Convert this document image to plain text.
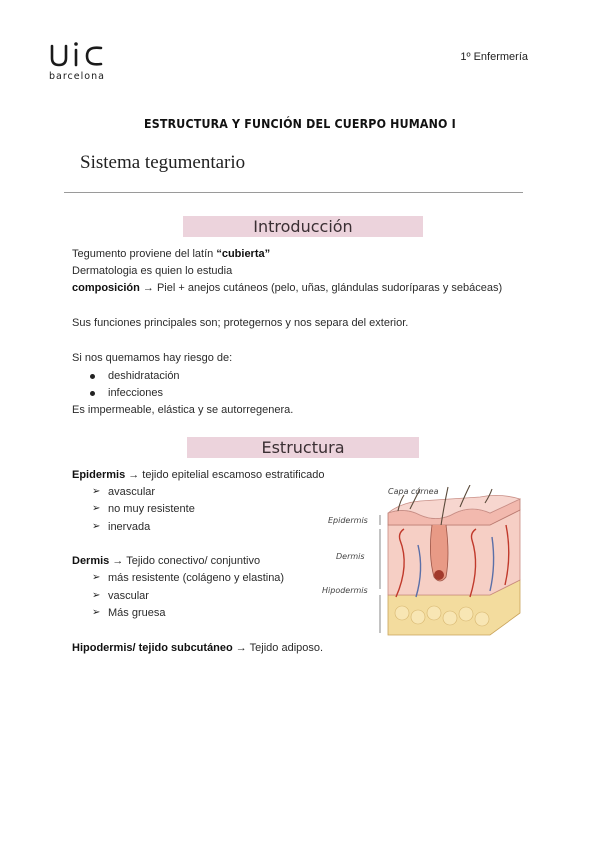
barcelona
1º Enfermería
ESTRUCTURA Y FUNCIÓN DEL CUERPO HUMANO I
Sistema tegumentario
Introducción
Tegumento proviene del latín “cubierta”
Dermatologia es quien lo estudia
composición → Piel + anejos cutáneos (pelo, uñas, glándulas sudoríparas y sebáceas)
Sus funciones principales son; protegernos y nos separa del exterior.
Si nos quemamos hay riesgo de:
deshidratación
infecciones
Es impermeable, elástica y se autorregenera.
Estructura
Epidermis → tejido epitelial escamoso estratificado
➢ avascular
➢ no muy resistente
➢ inervada
Dermis → Tejido conectivo/ conjuntivo
➢ más resistente (colágeno y elastina)
➢ vascular
➢ Más gruesa
Hipodermis/ tejido subcutáneo → Tejido adiposo.
Capa córnea
Epidermis
Dermis
Hipodermis
